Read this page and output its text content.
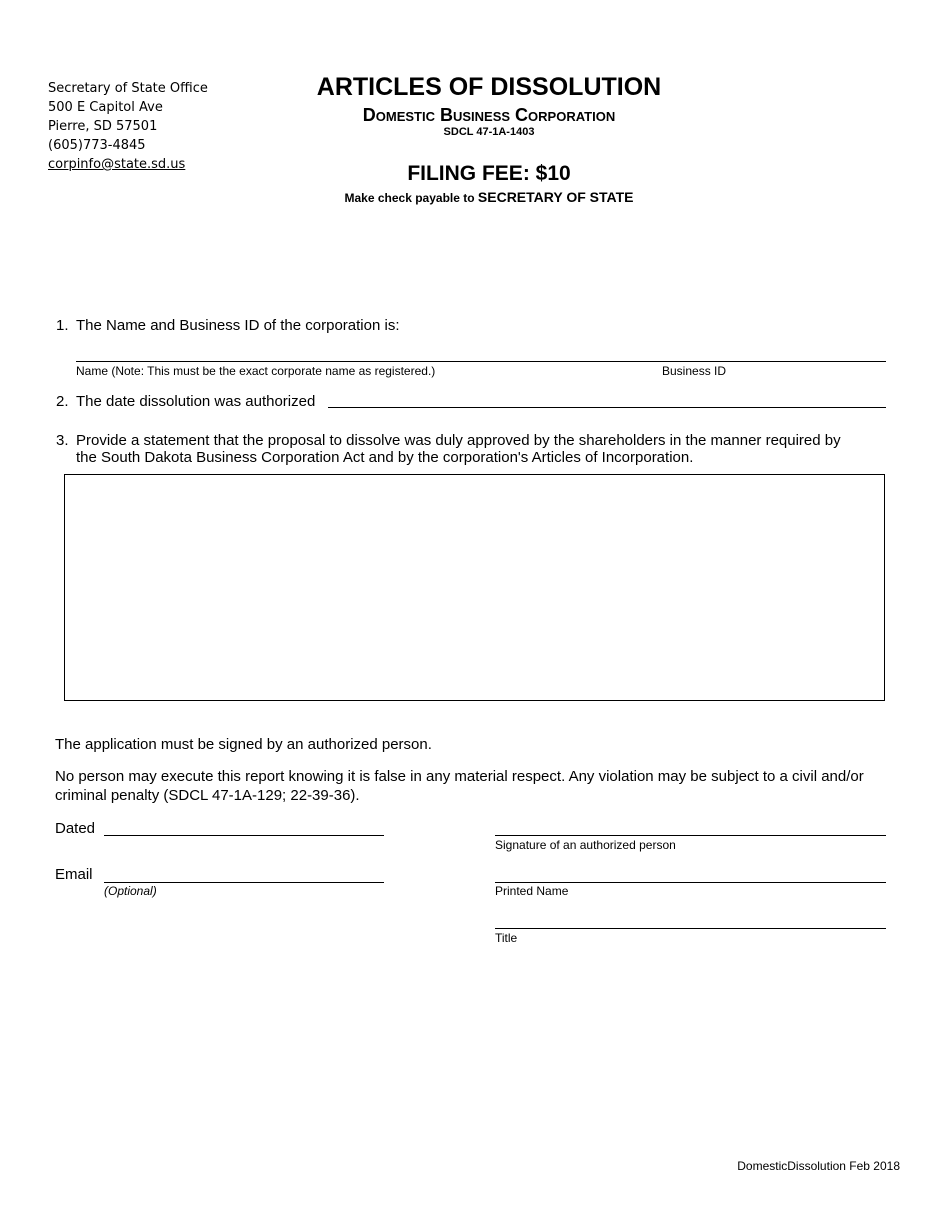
Secretary of State Office
500 E Capitol Ave
Pierre, SD 57501
(605)773-4845
corpinfo@state.sd.us
ARTICLES OF DISSOLUTION
Domestic Business Corporation
SDCL 47-1A-1403
FILING FEE: $10
Make check payable to SECRETARY OF STATE
1. The Name and Business ID of the corporation is:
Name (Note: This must be the exact corporate name as registered.)	Business ID
2. The date dissolution was authorized
3. Provide a statement that the proposal to dissolve was duly approved by the shareholders in the manner required by
the South Dakota Business Corporation Act and by the corporation's Articles of Incorporation.
The application must be signed by an authorized person.
No person may execute this report knowing it is false in any material respect. Any violation may be subject to a civil and/or
criminal penalty (SDCL 47-1A-129; 22-39-36).
Dated
Signature of an authorized person
Email
(Optional)	Printed Name
Title
DomesticDissolution Feb 2018
